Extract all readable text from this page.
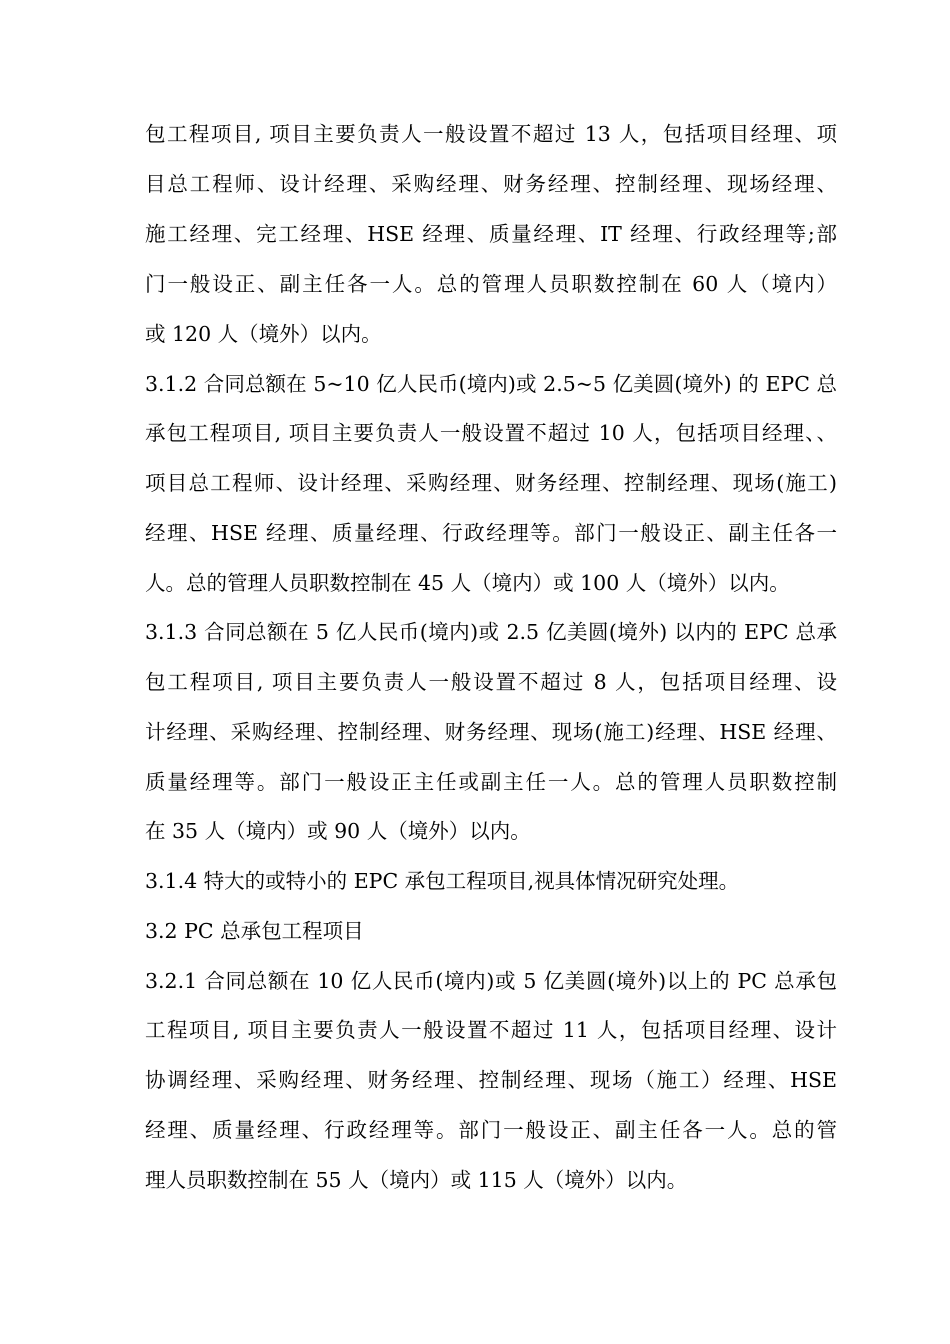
包工程项目, 项目主要负责人一般设置不超过 13 人，包括项目经理、项
目总工程师、设计经理、采购经理、财务经理、控制经理、现场经理、
施工经理、完工经理、HSE 经理、质量经理、IT 经理、行政经理等;部
门一般设正、副主任各一人。总的管理人员职数控制在 60 人（境内）
或 120 人（境外）以内。
3.1.2 合同总额在 5~10 亿人民币(境内)或 2.5~5 亿美圆(境外) 的 EPC 总
承包工程项目, 项目主要负责人一般设置不超过 10 人，包括项目经理、、
项目总工程师、设计经理、采购经理、财务经理、控制经理、现场(施工)
经理、HSE 经理、质量经理、行政经理等。部门一般设正、副主任各一
人。总的管理人员职数控制在 45 人（境内）或 100 人（境外）以内。
3.1.3 合同总额在 5 亿人民币(境内)或 2.5 亿美圆(境外) 以内的 EPC 总承
包工程项目, 项目主要负责人一般设置不超过 8 人，包括项目经理、设
计经理、采购经理、控制经理、财务经理、现场(施工)经理、HSE 经理、
质量经理等。部门一般设正主任或副主任一人。总的管理人员职数控制
在 35 人（境内）或 90 人（境外）以内。
3.1.4 特大的或特小的 EPC 承包工程项目,视具体情况研究处理。
3.2 PC 总承包工程项目
3.2.1 合同总额在 10 亿人民币(境内)或 5 亿美圆(境外)以上的 PC 总承包
工程项目, 项目主要负责人一般设置不超过 11 人，包括项目经理、设计
协调经理、采购经理、财务经理、控制经理、现场（施工）经理、HSE
经理、质量经理、行政经理等。部门一般设正、副主任各一人。总的管
理人员职数控制在 55 人（境内）或 115 人（境外）以内。
